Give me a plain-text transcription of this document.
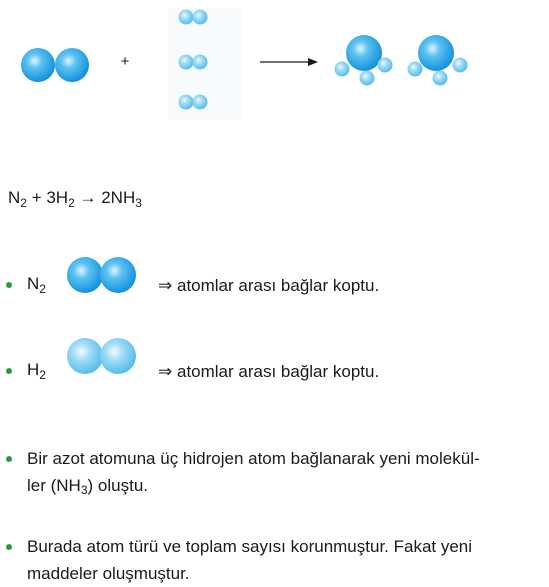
+
$N_2 + 3H_2 \to 2NH_3$
$N_2$	⇒ atomlar arası bağlar koptu.
$H_2$	⇒ atomlar arası bağlar koptu.
Bir azot atomuna üç hidrojen atom bağlanarak yeni molekül-
ler $(NH_3)$ oluştu.
Burada atom türü ve toplam sayısı korunmuştur. Fakat yeni
maddeler oluşmuştur.
